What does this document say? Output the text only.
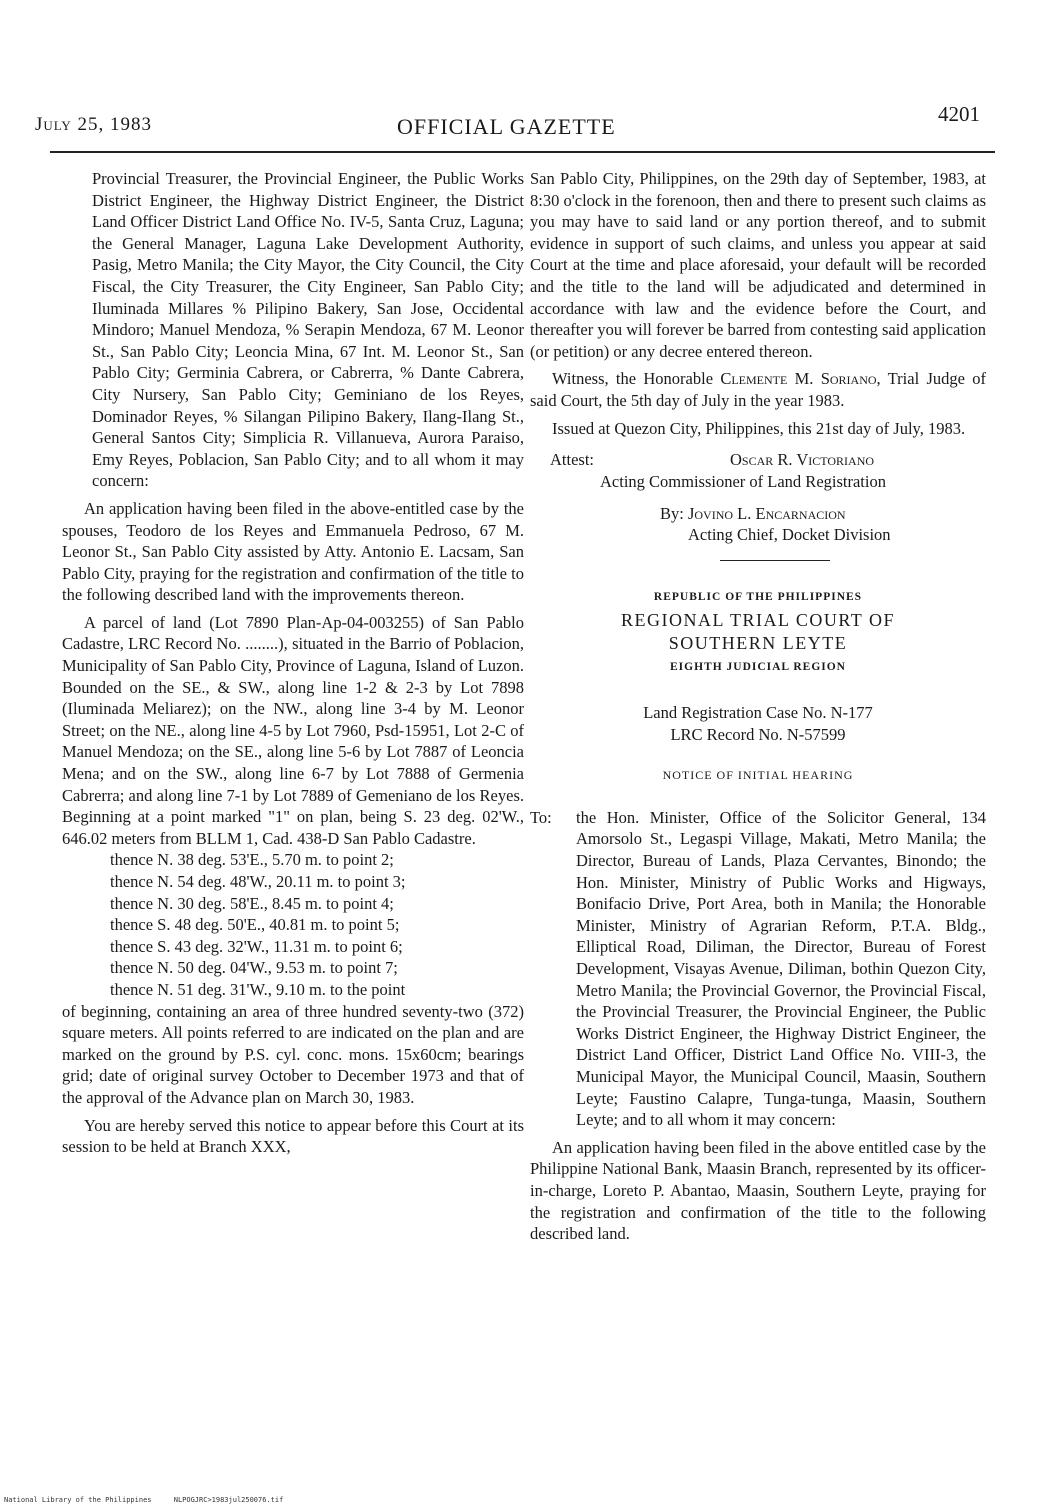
July 25, 1983	OFFICIAL GAZETTE	4201

Provincial Treasurer, the Provincial Engineer, the Public Works District Engineer, the Highway District Engineer, the District Land Officer District Land Office No. IV-5, Santa Cruz, Laguna; the General Manager, Laguna Lake Development Authority, Pasig, Metro Manila; the City Mayor, the City Council, the City Fiscal, the City Treasurer, the City Engineer, San Pablo City; Iluminada Millares % Pilipino Bakery, San Jose, Occidental Mindoro; Manuel Mendoza, % Serapin Mendoza, 67 M. Leonor St., San Pablo City; Leoncia Mina, 67 Int. M. Leonor St., San Pablo City; Germinia Cabrera, or Cabrerra, % Dante Cabrera, City Nursery, San Pablo City; Geminiano de los Reyes, Dominador Reyes, % Silangan Pilipino Bakery, Ilang-Ilang St., General Santos City; Simplicia R. Villanueva, Aurora Paraiso, Emy Reyes, Poblacion, San Pablo City; and to all whom it may concern:

An application having been filed in the above-entitled case by the spouses, Teodoro de los Reyes and Emmanuela Pedroso, 67 M. Leonor St., San Pablo City assisted by Atty. Antonio E. Lacsam, San Pablo City, praying for the registration and confirmation of the title to the following described land with the improvements thereon.

A parcel of land (Lot 7890 Plan-Ap-04-003255) of San Pablo Cadastre, LRC Record No. ........), situated in the Barrio of Poblacion, Municipality of San Pablo City, Province of Laguna, Island of Luzon. Bounded on the SE., & SW., along line 1-2 & 2-3 by Lot 7898 (Iluminada Meliarez); on the NW., along line 3-4 by M. Leonor Street; on the NE., along line 4-5 by Lot 7960, Psd-15951, Lot 2-C of Manuel Mendoza; on the SE., along line 5-6 by Lot 7887 of Leoncia Mena; and on the SW., along line 6-7 by Lot 7888 of Germenia Cabrerra; and along line 7-1 by Lot 7889 of Gemeniano de los Reyes. Beginning at a point marked "1" on plan, being S. 23 deg. 02'W., 646.02 meters from BLLM 1, Cad. 438-D San Pablo Cadastre.

thence N. 38 deg. 53'E., 5.70 m. to point 2;
thence N. 54 deg. 48'W., 20.11 m. to point 3;
thence N. 30 deg. 58'E., 8.45 m. to point 4;
thence S. 48 deg. 50'E., 40.81 m. to point 5;
thence S. 43 deg. 32'W., 11.31 m. to point 6;
thence N. 50 deg. 04'W., 9.53 m. to point 7;
thence N. 51 deg. 31'W., 9.10 m. to the point

of beginning, containing an area of three hundred seventy-two (372) square meters. All points referred to are indicated on the plan and are marked on the ground by P.S. cyl. conc. mons. 15x60cm; bearings grid; date of original survey October to December 1973 and that of the approval of the Advance plan on March 30, 1983.

You are hereby served this notice to appear before this Court at its session to be held at Branch XXX,

San Pablo City, Philippines, on the 29th day of September, 1983, at 8:30 o'clock in the forenoon, then and there to present such claims as you may have to said land or any portion thereof, and to submit evidence in support of such claims, and unless you appear at said Court at the time and place aforesaid, your default will be recorded and the title to the land will be adjudicated and determined in accordance with law and the evidence before the Court, and thereafter you will forever be barred from contesting said application (or petition) or any decree entered thereon.

Witness, the Honorable Clemente M. Soriano, Trial Judge of said Court, the 5th day of July in the year 1983.

Issued at Quezon City, Philippines, this 21st day of July, 1983.

Attest:	Oscar R. Victoriano
Acting Commissioner of Land Registration
By: Jovino L. Encarnacion
Acting Chief, Docket Division
REPUBLIC OF THE PHILIPPINES
REGIONAL TRIAL COURT OF
SOUTHERN LEYTE
EIGHTH JUDICIAL REGION
Land Registration Case No. N-177
LRC Record No. N-57599
NOTICE OF INITIAL HEARING
To:	the Hon. Minister, Office of the Solicitor General, 134 Amorsolo St., Legaspi Village, Makati, Metro Manila; the Director, Bureau of Lands, Plaza Cervantes, Binondo; the Hon. Minister, Ministry of Public Works and Higways, Bonifacio Drive, Port Area, both in Manila; the Honorable Minister, Ministry of Agrarian Reform, P.T.A. Bldg., Elliptical Road, Diliman, the Director, Bureau of Forest Development, Visayas Avenue, Diliman, bothin Quezon City, Metro Manila; the Provincial Governor, the Provincial Fiscal, the Provincial Treasurer, the Provincial Engineer, the Public Works District Engineer, the Highway District Engineer, the District Land Officer, District Land Office No. VIII-3, the Municipal Mayor, the Municipal Council, Maasin, Southern Leyte; Faustino Calapre, Tunga-tunga, Maasin, Southern Leyte; and to all whom it may concern:

An application having been filed in the above entitled case by the Philippine National Bank, Maasin Branch, represented by its officer-in-charge, Loreto P. Abantao, Maasin, Southern Leyte, praying for the registration and confirmation of the title to the following described land.

National Library of the Philippines	NLPOGJRC>1983jul250076.tif
